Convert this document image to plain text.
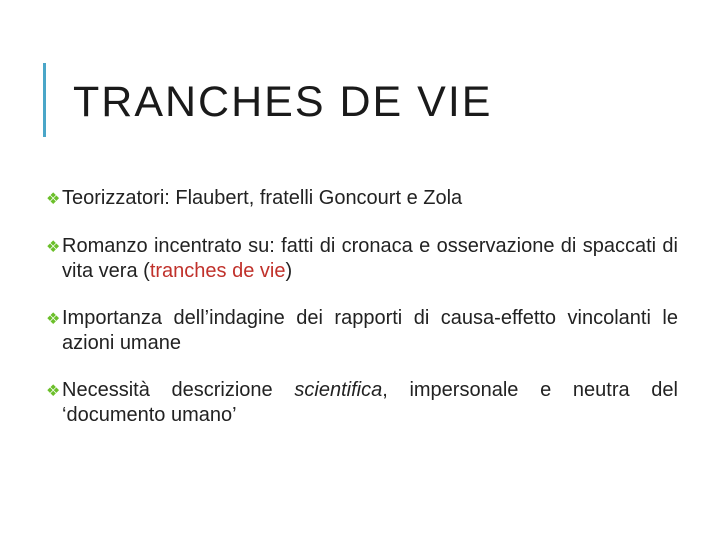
TRANCHES DE VIE
❖Teorizzatori: Flaubert, fratelli Goncourt e Zola
❖Romanzo incentrato su: fatti di cronaca e osservazione di spaccati di vita vera (tranches de vie)
❖Importanza dell’indagine dei rapporti di causa-effetto vincolanti le azioni umane
❖Necessità descrizione scientifica, impersonale e neutra del ‘documento umano’
